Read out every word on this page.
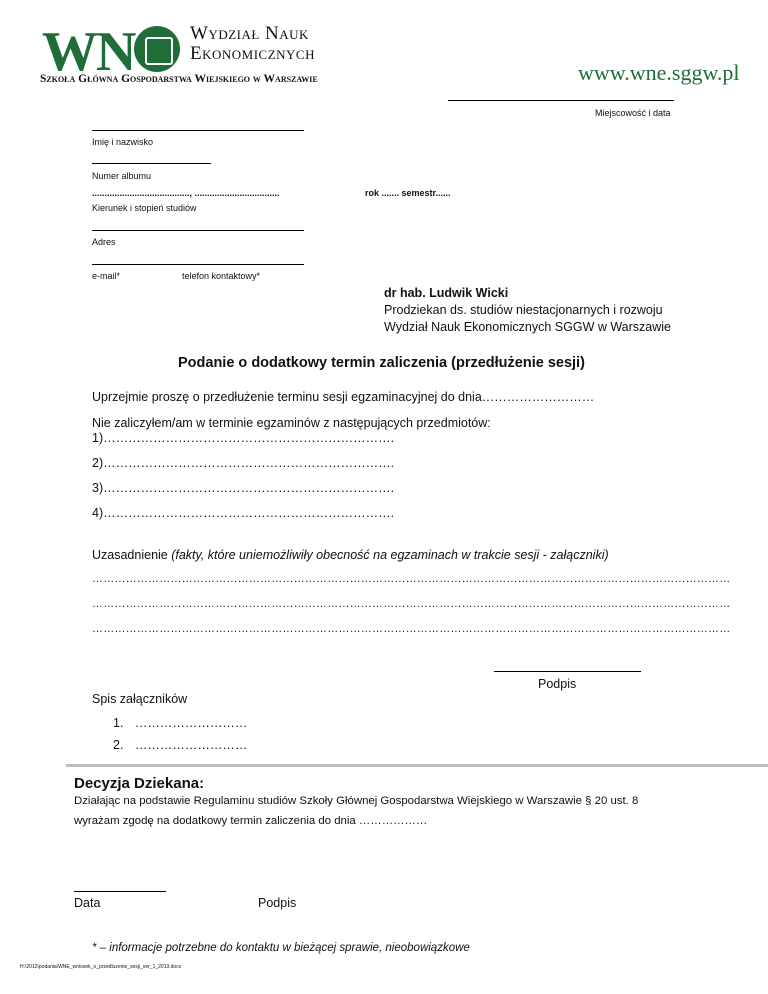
WN	Wydział Nauk
Ekonomicznych
Szkoła Główna Gospodarstwa Wiejskiego w Warszawie	www.wne.sggw.pl
Miejscowość i data
Imię i nazwisko
Numer albumu
......................................., ..................................
Kierunek i stopień studiów
rok ....... semestr......
Adres
e-mail*	telefon kontaktowy*
dr hab. Ludwik Wicki
Prodziekan ds. studiów niestacjonarnych i rozwoju
Wydział Nauk Ekonomicznych SGGW w Warszawie
Podanie o dodatkowy termin zaliczenia (przedłużenie sesji)
Uprzejmie proszę o przedłużenie terminu sesji egzaminacyjnej do dnia………………………
Nie zaliczyłem/am w terminie egzaminów z następujących przedmiotów:
1)…………………………………………………………….
2)…………………………………………………………….
3)…………………………………………………………….
4)…………………………………………………………….
Uzasadnienie (fakty, które uniemożliwiły obecność na egzaminach w trakcie sesji - załączniki)
………………………………………………………………………………………………………………………………………………………
………………………………………………………………………………………………………………………………………………………
………………………………………………………………………………………………………………………………………………………
Podpis
Spis załączników
1. ………………………
2. ………………………
Decyzja Dziekana:
Działając na podstawie Regulaminu studiów Szkoły Głównej Gospodarstwa Wiejskiego w Warszawie § 20 ust. 8
wyrażam zgodę na dodatkowy termin zaliczenia do dnia ………………
Data	Podpis
* – informacje potrzebne do kontaktu w bieżącej sprawie, nieobowiązkowe
H:\2012\podania\WNE_wniosek_o_przedluzenie_sesji_ver_1_2013.docx
